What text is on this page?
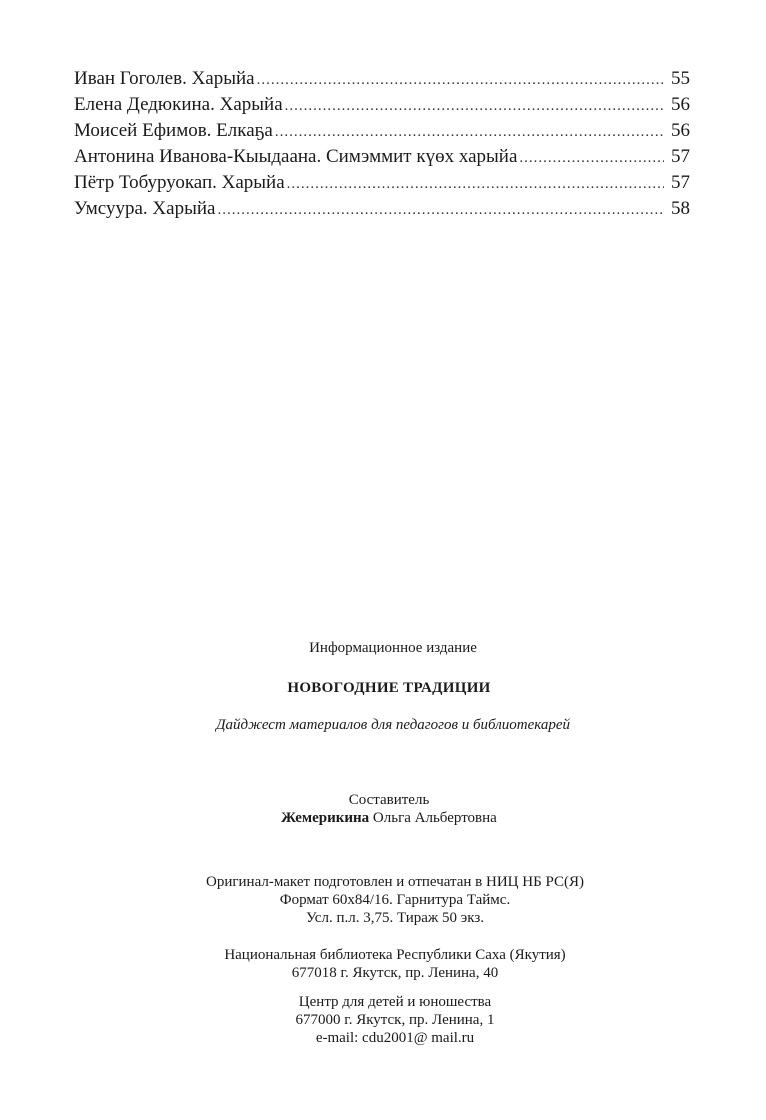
Иван Гоголев. Харыйа .....	55
Елена Дедюкина. Харыйа .....	56
Моисей Ефимов. Елкаҕа .....	56
Антонина Иванова-Кыыдаана. Симэммит күөх харыйа .....	57
Пётр Тобуруокап. Харыйа .....	57
Умсуура. Харыйа .....	58
Информационное издание
НОВОГОДНИЕ ТРАДИЦИИ
Дайджест материалов для педагогов и библиотекарей
Составитель
Жемерикина Ольга Альбертовна
Оригинал-макет подготовлен и отпечатан в НИЦ НБ РС(Я)
Формат 60х84/16. Гарнитура Таймс.
Усл. п.л. 3,75. Тираж 50 экз.
Национальная библиотека Республики Саха (Якутия)
677018 г. Якутск, пр. Ленина, 40
Центр для детей и юношества
677000 г. Якутск, пр. Ленина, 1
e-mail: cdu2001@ mail.ru
